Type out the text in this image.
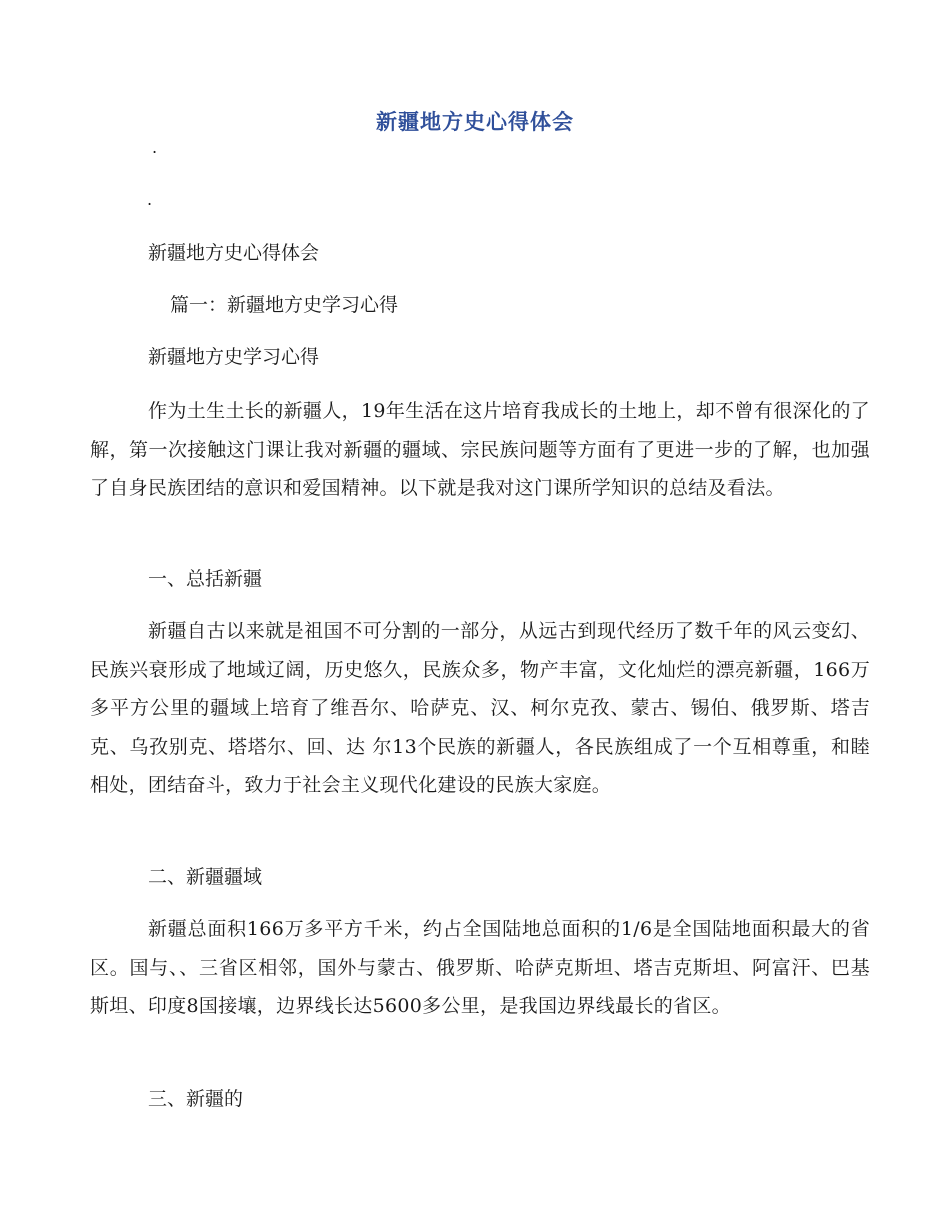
新疆地方史心得体会
.
.
新疆地方史心得体会
篇一：新疆地方史学习心得
新疆地方史学习心得
作为土生土长的新疆人，19年生活在这片培育我成长的土地上，却不曾有很深化的了解，第一次接触这门课让我对新疆的疆域、宗民族问题等方面有了更进一步的了解，也加强了自身民族团结的意识和爱国精神。以下就是我对这门课所学知识的总结及看法。
一、总括新疆
新疆自古以来就是祖国不可分割的一部分，从远古到现代经历了数千年的风云变幻、民族兴衰形成了地域辽阔，历史悠久，民族众多，物产丰富，文化灿烂的漂亮新疆，166万多平方公里的疆域上培育了维吾尔、哈萨克、汉、柯尔克孜、蒙古、锡伯、俄罗斯、塔吉克、乌孜别克、塔塔尔、回、达 尔13个民族的新疆人，各民族组成了一个互相尊重，和睦相处，团结奋斗，致力于社会主义现代化建设的民族大家庭。
二、新疆疆域
新疆总面积166万多平方千米，约占全国陆地总面积的1/6是全国陆地面积最大的省区。国与、、三省区相邻，国外与蒙古、俄罗斯、哈萨克斯坦、塔吉克斯坦、阿富汗、巴基斯坦、印度8国接壤，边界线长达5600多公里，是我国边界线最长的省区。
三、新疆的
